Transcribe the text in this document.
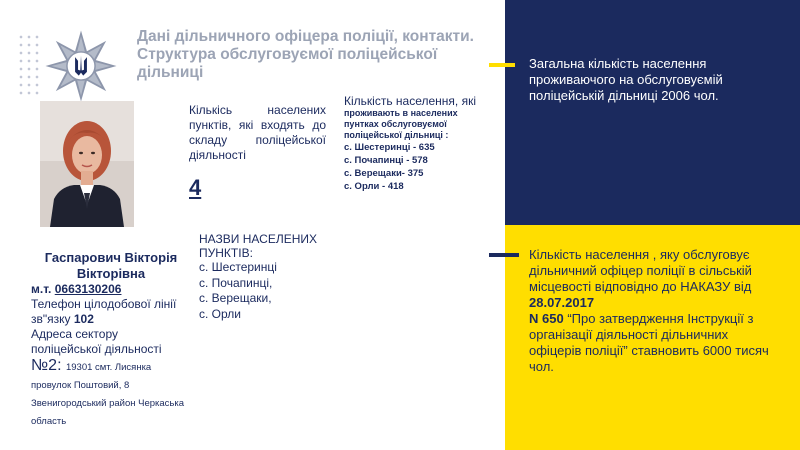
Загальна кількість населення проживаючого на обслуговуємій поліцейській дільниці 2006 чол.
Кількість населення , яку обслуговує дільничний офіцер поліції в сільській місцевості відповідно до НАКАЗУ від
28.07.2017
N 650 “Про затвердження Інструкції з організації діяльності дільничних офіцерів поліції” ставновить 6000 тисяч чол.
Дані дільничного офіцера поліції, контакти. Структура обслуговуємої поліцейської дільниці
Кількісь населених пунктів, які входять до складу поліцейської діяльності
4
Кількість населення, які
проживають в населених пунтках обслуговуємої поліцейської дільниці :
с. Шестеринці - 635
с. Почапинці - 578
с. Верещаки- 375
с. Орли - 418
НАЗВИ НАСЕЛЕНИХ ПУНКТІВ:
с. Шестеринці
с. Почапинці,
с. Верещаки,
с. Орли
Гаспарович Вікторія Вікторівна
м.т. 0663130206
Телефон цілодобової лінії зв"язку 102
Адреса сектору поліцейської діяльності
№2: 19301 смт. Лисянка провулок Поштовий, 8 Звенигородський район Черкаська область
